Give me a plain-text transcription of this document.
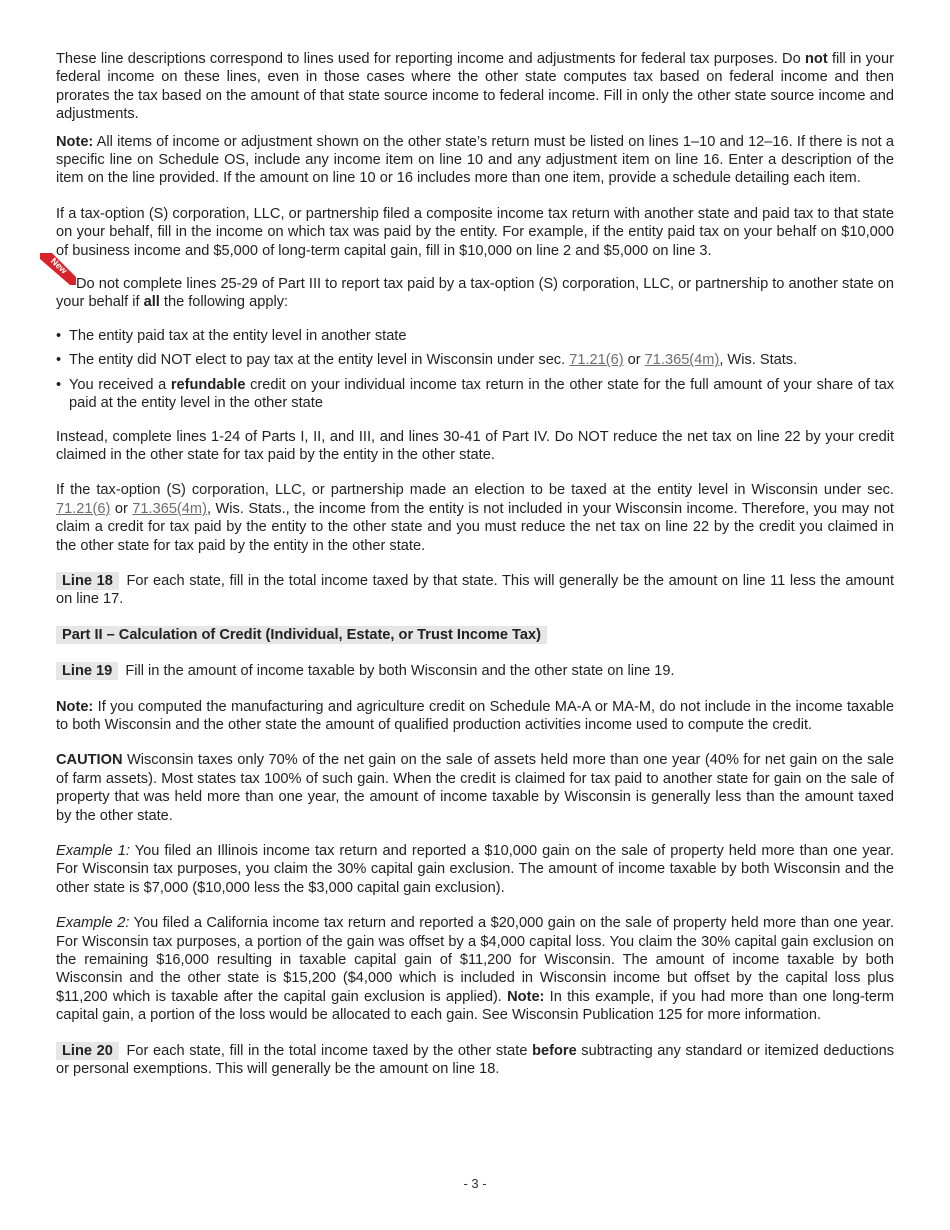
These line descriptions correspond to lines used for reporting income and adjustments for federal tax purposes. Do not fill in your federal income on these lines, even in those cases where the other state computes tax based on federal income and then prorates the tax based on the amount of that state source income to federal income. Fill in only the other state source income and adjustments.

Note: All items of income or adjustment shown on the other state’s return must be listed on lines 1–10 and 12–16. If there is not a specific line on Schedule OS, include any income item on line 10 and any adjustment item on line 16. Enter a description of the item on the line provided. If the amount on line 10 or 16 includes more than one item, provide a schedule detailing each item.

If a tax-option (S) corporation, LLC, or partnership filed a composite income tax return with another state and paid tax to that state on your behalf, fill in the income on which tax was paid by the entity. For example, if the entity paid tax on your behalf on $10,000 of business income and $5,000 of long-term capital gain, fill in $10,000 on line 2 and $5,000 on line 3.

New
Do not complete lines 25-29 of Part III to report tax paid by a tax-option (S) corporation, LLC, or partnership to another state on your behalf if all the following apply:

• The entity paid tax at the entity level in another state
• The entity did NOT elect to pay tax at the entity level in Wisconsin under sec. 71.21(6) or 71.365(4m), Wis. Stats.
• You received a refundable credit on your individual income tax return in the other state for the full amount of your share of tax paid at the entity level in the other state

Instead, complete lines 1-24 of Parts I, II, and III, and lines 30-41 of Part IV. Do NOT reduce the net tax on line 22 by your credit claimed in the other state for tax paid by the entity in the other state.

If the tax-option (S) corporation, LLC, or partnership made an election to be taxed at the entity level in Wisconsin under sec. 71.21(6) or 71.365(4m), Wis. Stats., the income from the entity is not included in your Wisconsin income. Therefore, you may not claim a credit for tax paid by the entity to the other state and you must reduce the net tax on line 22 by the credit you claimed in the other state for tax paid by the entity in the other state.

Line 18 For each state, fill in the total income taxed by that state. This will generally be the amount on line 11 less the amount on line 17.

Part II – Calculation of Credit (Individual, Estate, or Trust Income Tax)

Line 19 Fill in the amount of income taxable by both Wisconsin and the other state on line 19.

Note: If you computed the manufacturing and agriculture credit on Schedule MA-A or MA-M, do not include in the income taxable to both Wisconsin and the other state the amount of qualified production activities income used to compute the credit.

CAUTION Wisconsin taxes only 70% of the net gain on the sale of assets held more than one year (40% for net gain on the sale of farm assets). Most states tax 100% of such gain. When the credit is claimed for tax paid to another state for gain on the sale of property that was held more than one year, the amount of income taxable by Wisconsin is generally less than the amount taxed by the other state.

Example 1: You filed an Illinois income tax return and reported a $10,000 gain on the sale of property held more than one year. For Wisconsin tax purposes, you claim the 30% capital gain exclusion. The amount of income taxable by both Wisconsin and the other state is $7,000 ($10,000 less the $3,000 capital gain exclusion).

Example 2: You filed a California income tax return and reported a $20,000 gain on the sale of property held more than one year. For Wisconsin tax purposes, a portion of the gain was offset by a $4,000 capital loss. You claim the 30% capital gain exclusion on the remaining $16,000 resulting in taxable capital gain of $11,200 for Wisconsin. The amount of income taxable by both Wisconsin and the other state is $15,200 ($4,000 which is included in Wisconsin income but offset by the capital loss plus $11,200 which is taxable after the capital gain exclusion is applied). Note: In this example, if you had more than one long-term capital gain, a portion of the loss would be allocated to each gain. See Wisconsin Publication 125 for more information.

Line 20 For each state, fill in the total income taxed by the other state before subtracting any standard or itemized deductions or personal exemptions. This will generally be the amount on line 18.

- 3 -
